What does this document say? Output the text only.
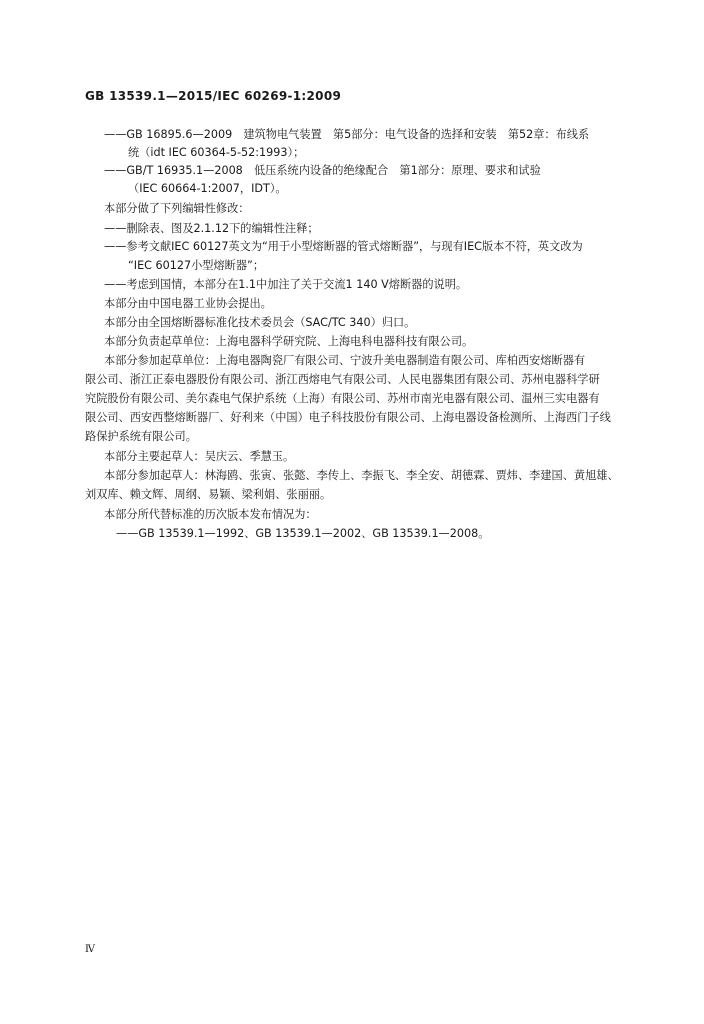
GB 13539.1—2015/IEC 60269-1:2009
——GB 16895.6—2009　建筑物电气装置　第5部分：电气设备的选择和安装　第52章：布线系
统（idt IEC 60364-5-52:1993）；
——GB/T 16935.1—2008　低压系统内设备的绝缘配合　第1部分：原理、要求和试验
（IEC 60664-1:2007，IDT）。
本部分做了下列编辑性修改：
——删除表、图及2.1.12下的编辑性注释；
——参考文献IEC 60127英文为“用于小型熔断器的管式熔断器”，与现有IEC版本不符，英文改为
“IEC 60127小型熔断器”；
——考虑到国情，本部分在1.1中加注了关于交流1 140 V熔断器的说明。
本部分由中国电器工业协会提出。
本部分由全国熔断器标准化技术委员会（SAC/TC 340）归口。
本部分负责起草单位：上海电器科学研究院、上海电科电器科技有限公司。
本部分参加起草单位：上海电器陶瓷厂有限公司、宁波升美电器制造有限公司、库柏西安熔断器有
限公司、浙江正泰电器股份有限公司、浙江西熔电气有限公司、人民电器集团有限公司、苏州电器科学研
究院股份有限公司、美尔森电气保护系统（上海）有限公司、苏州市南光电器有限公司、温州三实电器有
限公司、西安西整熔断器厂、好利来（中国）电子科技股份有限公司、上海电器设备检测所、上海西门子线
路保护系统有限公司。
本部分主要起草人：吴庆云、季慧玉。
本部分参加起草人：林海鸥、张寅、张懿、李传上、李振飞、李全安、胡德霖、贾炜、李建国、黄旭雄、
刘双库、赖文辉、周纲、易颖、梁利娟、张丽丽。
本部分所代替标准的历次版本发布情况为：
——GB 13539.1—1992、GB 13539.1—2002、GB 13539.1—2008。
Ⅳ
